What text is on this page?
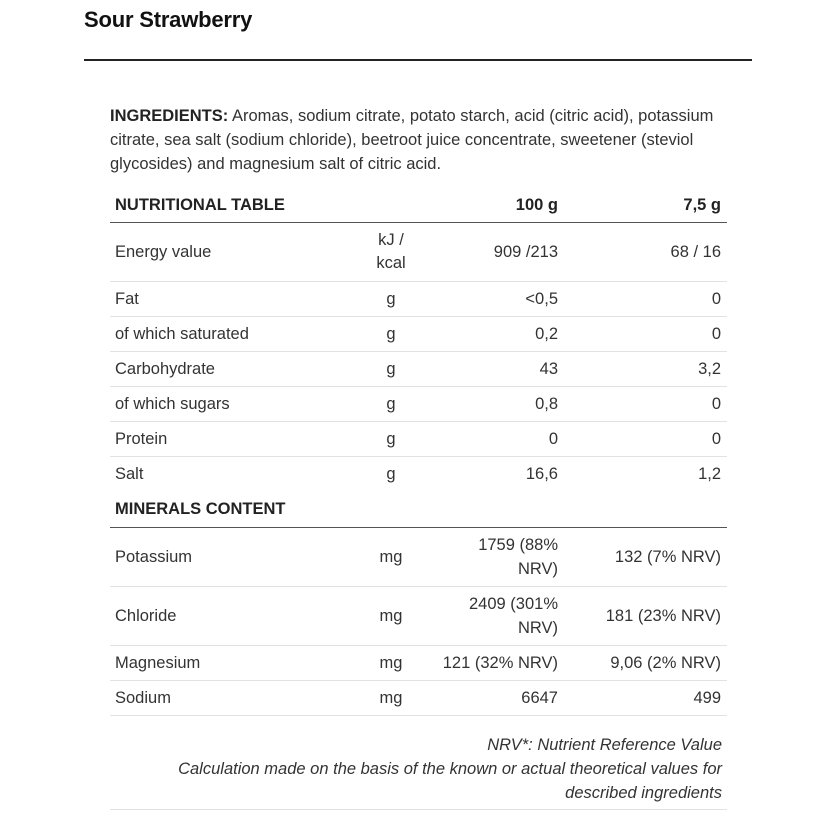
Sour Strawberry
INGREDIENTS: Aromas, sodium citrate, potato starch, acid (citric acid), potassium citrate, sea salt (sodium chloride), beetroot juice concentrate, sweetener (steviol glycosides) and magnesium salt of citric acid.
NUTRITIONAL TABLE		100 g	7,5 g
Energy value	kJ / kcal	909 /213	68 / 16
Fat	g	<0,5	0
of which saturated	g	0,2	0
Carbohydrate	g	43	3,2
of which sugars	g	0,8	0
Protein	g	0	0
Salt	g	16,6	1,2
MINERALS CONTENT			
Potassium	mg	1759 (88% NRV)	132 (7% NRV)
Chloride	mg	2409 (301% NRV)	181 (23% NRV)
Magnesium	mg	121 (32% NRV)	9,06 (2% NRV)
Sodium	mg	6647	499
NRV*: Nutrient Reference Value
Calculation made on the basis of the known or actual theoretical values for described ingredients
